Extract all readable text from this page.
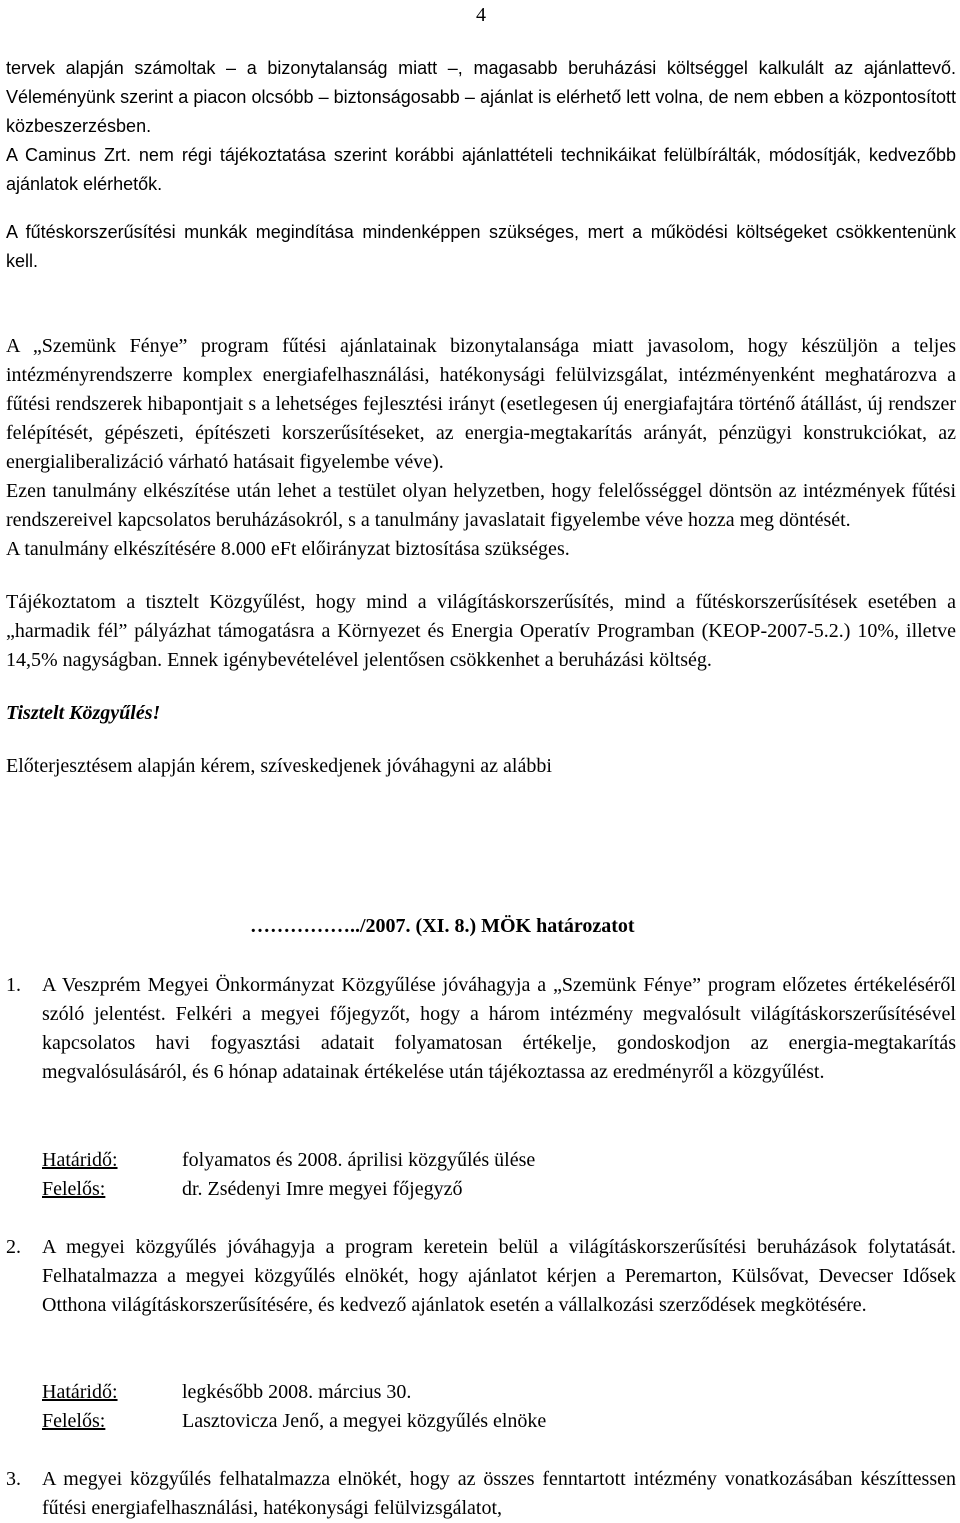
4

tervek alapján számoltak – a bizonytalanság miatt –, magasabb beruházási költséggel kalkulált az ajánlattevő. Véleményünk szerint a piacon olcsóbb – biztonságosabb – ajánlat is elérhető lett volna, de nem ebben a központosított közbeszerzésben.

A Caminus Zrt. nem régi tájékoztatása szerint korábbi ajánlattételi technikáikat felülbírálták, módosítják, kedvezőbb ajánlatok elérhetők.

A fűtéskorszerűsítési munkák megindítása mindenképpen szükséges, mert a működési költségeket csökkentenünk kell.

A „Szemünk Fénye” program fűtési ajánlatainak bizonytalansága miatt javasolom, hogy készüljön a teljes intézményrendszerre komplex energiafelhasználási, hatékonysági felülvizsgálat, intézményenként meghatározva a fűtési rendszerek hibapontjait s a lehetséges fejlesztési irányt (esetlegesen új energiafajtára történő átállást, új rendszer felépítését, gépészeti, építészeti korszerűsítéseket, az energia-megtakarítás arányát, pénzügyi konstrukciókat, az energialiberalizáció várható hatásait figyelembe véve).

Ezen tanulmány elkészítése után lehet a testület olyan helyzetben, hogy felelősséggel döntsön az intézmények fűtési rendszereivel kapcsolatos beruházásokról, s a tanulmány javaslatait figyelembe véve hozza meg döntését.

A tanulmány elkészítésére 8.000 eFt előirányzat biztosítása szükséges.

Tájékoztatom a tisztelt Közgyűlést, hogy mind a világításkorszerűsítés, mind a fűtéskorszerűsítések esetében a „harmadik fél” pályázhat támogatásra a Környezet és Energia Operatív Programban (KEOP-2007-5.2.) 10%, illetve 14,5% nagyságban. Ennek igénybevételével jelentősen csökkenhet a beruházási költség.

Tisztelt Közgyűlés!

Előterjesztésem alapján kérem, szíveskedjenek jóváhagyni az alábbi

……………../2007. (XI. 8.) MÖK határozatot
1. A Veszprém Megyei Önkormányzat Közgyűlése jóváhagyja a „Szemünk Fénye” program előzetes értékeléséről szóló jelentést. Felkéri a megyei főjegyzőt, hogy a három intézmény megvalósult világításkorszerűsítésével kapcsolatos havi fogyasztási adatait folyamatosan értékelje, gondoskodjon az energia-megtakarítás megvalósulásáról, és 6 hónap adatainak értékelése után tájékoztassa az eredményről a közgyűlést.
Határidő:	folyamatos és 2008. áprilisi közgyűlés ülése
Felelős:	dr. Zsédenyi Imre megyei főjegyző
2. A megyei közgyűlés jóváhagyja a program keretein belül a világításkorszerűsítési beruházások folytatását. Felhatalmazza a megyei közgyűlés elnökét, hogy ajánlatot kérjen a Peremarton, Külsővat, Devecser Idősek Otthona világításkorszerűsítésére, és kedvező ajánlatok esetén a vállalkozási szerződések megkötésére.
Határidő:	legkésőbb 2008. március 30.
Felelős:	Lasztovicza Jenő, a megyei közgyűlés elnöke
3. A megyei közgyűlés felhatalmazza elnökét, hogy az összes fenntartott intézmény vonatkozásában készíttessen fűtési energiafelhasználási, hatékonysági felülvizsgálatot,
